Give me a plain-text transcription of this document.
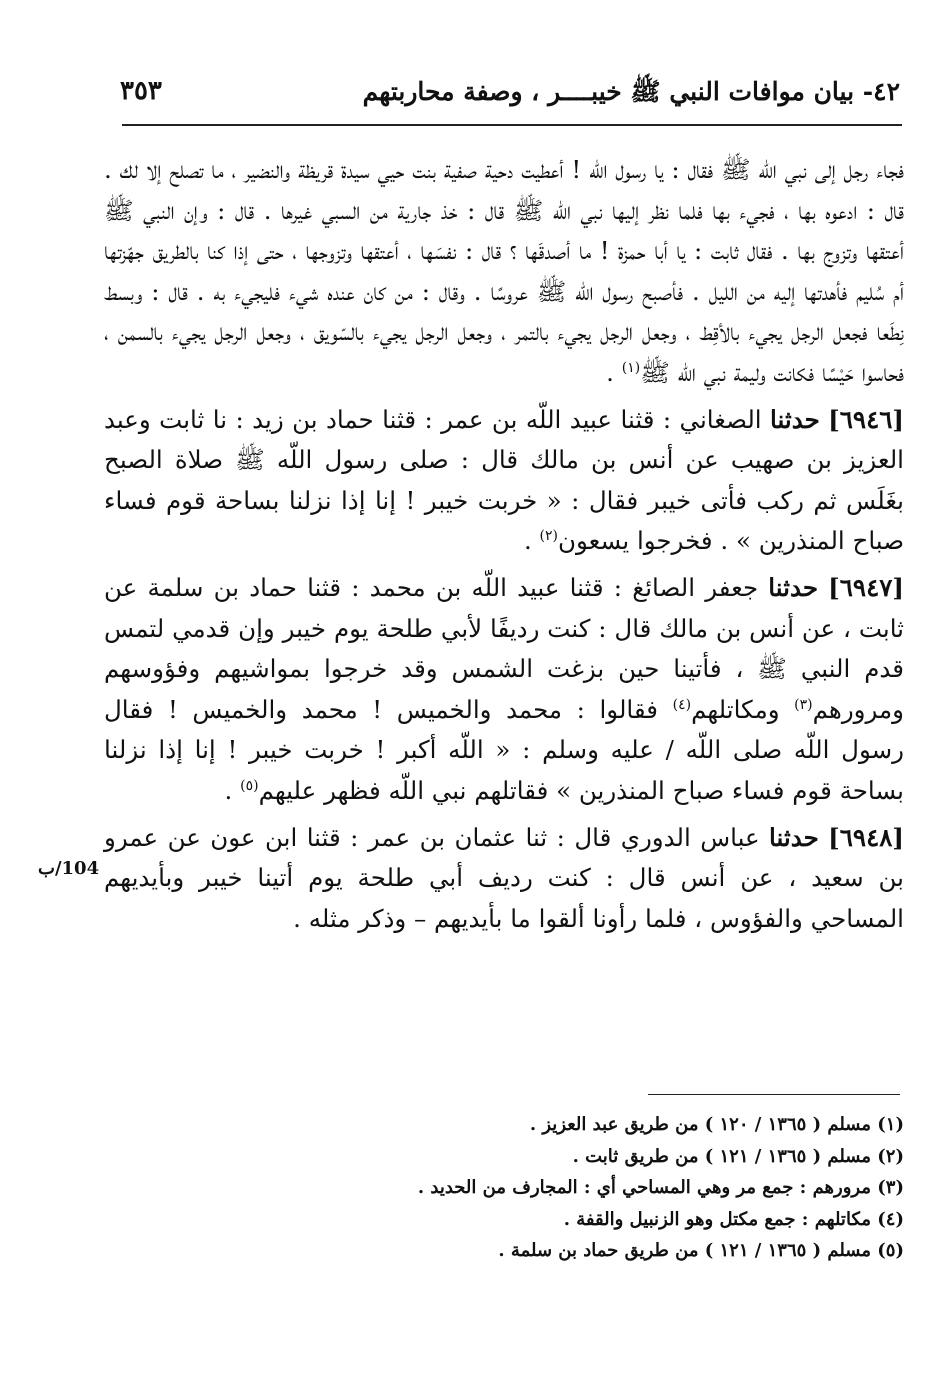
٤٢- بيان موافات النبي ﷺ خيبــــر ، وصفة محاربتهم
٣٥٣

فجاء رجل إلى نبي اللّه ﷺ فقال : يا رسول اللّه ! أعطيت دحية صفية بنت حيي سيدة قريظة والنضير ، ما تصلح إلا لك . قال : ادعوه بها ، فجيء بها فلما نظر إليها نبي اللّه ﷺ قال : خذ جارية من السبي غيرها . قال : وإن النبي ﷺ أعتقها وتزوج بها . فقال ثابت : يا أبا حمزة ! ما أصدقَها ؟ قال : نفسَها ، أعتقها وتزوجها ، حتى إذا كنا بالطريق جهّزتها أم سُليم فأهدتها إليه من الليل . فأصبح رسول اللّه ﷺ عروسًا . وقال : من كان عنده شيء فليجيء به . قال : وبسط نِطَعا فجعل الرجل يجيء بالأقِط ، وجعل الرجل يجيء بالتمر ، وجعل الرجل يجيء بالسّويق ، وجعل الرجل يجيء بالسمن ، فحاسوا حَيْسًا فكانت وليمة نبي اللّه ﷺ$^{(١)}$ .

[٦٩٤٦] حدثنا الصغاني : قثنا عبيد اللّه بن عمر : قثنا حماد بن زيد : نا ثابت وعبد العزيز بن صهيب عن أنس بن مالك قال : صلى رسول اللّه ﷺ صلاة الصبح بغَلَس ثم ركب فأتى خيبر فقال : « خربت خيبر ! إنا إذا نزلنا بساحة قوم فساء صباح المنذرين » . فخرجوا يسعون$^{(٢)}$ .

[٦٩٤٧] حدثنا جعفر الصائغ : قثنا عبيد اللّه بن محمد : قثنا حماد بن سلمة عن ثابت ، عن أنس بن مالك قال : كنت رديفًا لأبي طلحة يوم خيبر وإن قدمي لتمس قدم النبي ﷺ ، فأتينا حين بزغت الشمس وقد خرجوا بمواشيهم وفؤوسهم ومرورهم$^{(٣)}$ ومكاتلهم$^{(٤)}$ فقالوا : محمد والخميس ! محمد والخميس ! فقال رسول اللّه صلى اللّه / عليه وسلم : « اللّه أكبر ! خربت خيبر ! إنا إذا نزلنا بساحة قوم فساء صباح المنذرين » فقاتلهم نبي اللّه فظهر عليهم$^{(٥)}$ .

[٦٩٤٨] حدثنا عباس الدوري قال : ثنا عثمان بن عمر : قثنا ابن عون عن عمرو بن سعيد ، عن أنس قال : كنت رديف أبي طلحة يوم أتينا خيبر وبأيديهم المساحي والفؤوس ، فلما رأونا ألقوا ما بأيديهم – وذكر مثله .

104/ب
(١) مسلم ( ١٣٦٥ / ١٢٠ ) من طريق عبد العزيز .
(٢) مسلم ( ١٣٦٥ / ١٢١ ) من طريق ثابت .
(٣) مرورهم : جمع مر وهي المساحي أي : المجارف من الحديد .
(٤) مكاتلهم : جمع مكتل وهو الزنبيل والقفة .
(٥) مسلم ( ١٣٦٥ / ١٢١ ) من طريق حماد بن سلمة .
